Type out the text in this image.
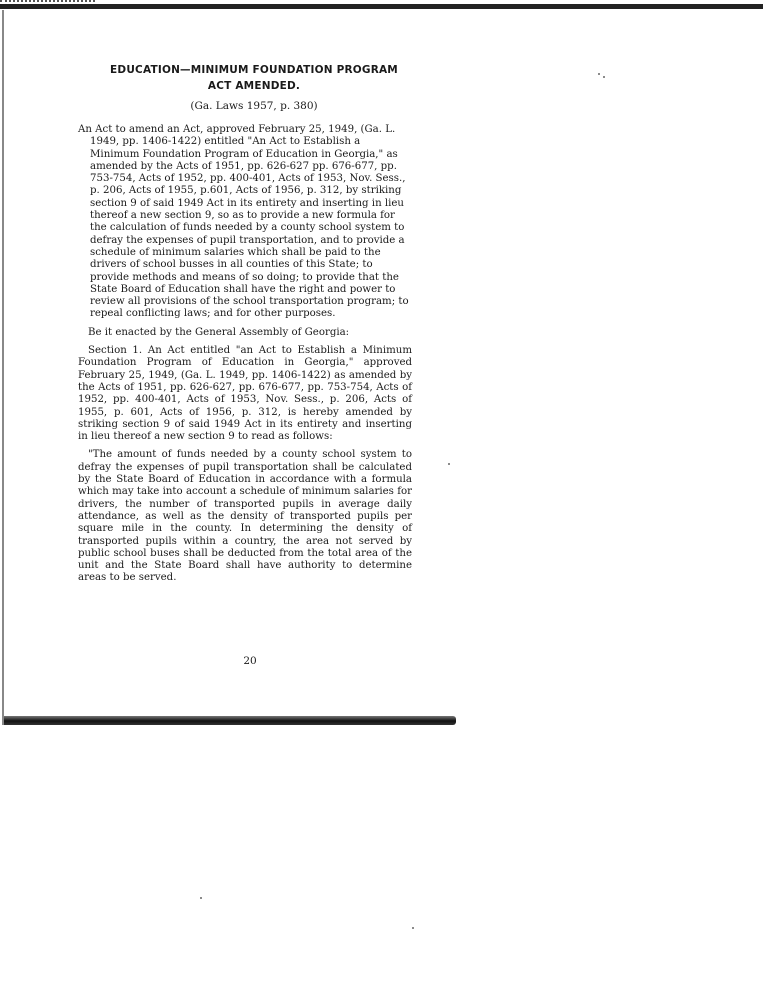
EDUCATION—MINIMUM FOUNDATION PROGRAM
ACT AMENDED.
(Ga. Laws 1957, p. 380)

An Act to amend an Act, approved February 25, 1949, (Ga. L. 1949, pp. 1406-1422) entitled "An Act to Establish a Minimum Foundation Program of Education in Georgia," as amended by the Acts of 1951, pp. 626-627 pp. 676-677, pp. 753-754, Acts of 1952, pp. 400-401, Acts of 1953, Nov. Sess., p. 206, Acts of 1955, p.601, Acts of 1956, p. 312, by striking section 9 of said 1949 Act in its entirety and inserting in lieu thereof a new section 9, so as to provide a new formula for the calculation of funds needed by a county school system to defray the expenses of pupil transportation, and to provide a schedule of minimum salaries which shall be paid to the drivers of school busses in all counties of this State; to provide methods and means of so doing; to provide that the State Board of Education shall have the right and power to review all provisions of the school transportation program; to repeal conflicting laws; and for other purposes.

Be it enacted by the General Assembly of Georgia:

Section 1. An Act entitled "an Act to Establish a Minimum Foundation Program of Education in Georgia," approved February 25, 1949, (Ga. L. 1949, pp. 1406-1422) as amended by the Acts of 1951, pp. 626-627, pp. 676-677, pp. 753-754, Acts of 1952, pp. 400-401, Acts of 1953, Nov. Sess., p. 206, Acts of 1955, p. 601, Acts of 1956, p. 312, is hereby amended by striking section 9 of said 1949 Act in its entirety and inserting in lieu thereof a new section 9 to read as follows:

"The amount of funds needed by a county school system to defray the expenses of pupil transportation shall be calculated by the State Board of Education in accordance with a formula which may take into account a schedule of minimum salaries for drivers, the number of transported pupils in average daily attendance, as well as the density of transported pupils per square mile in the county. In determining the density of transported pupils within a country, the area not served by public school buses shall be deducted from the total area of the unit and the State Board shall have authority to determine areas to be served.

20
